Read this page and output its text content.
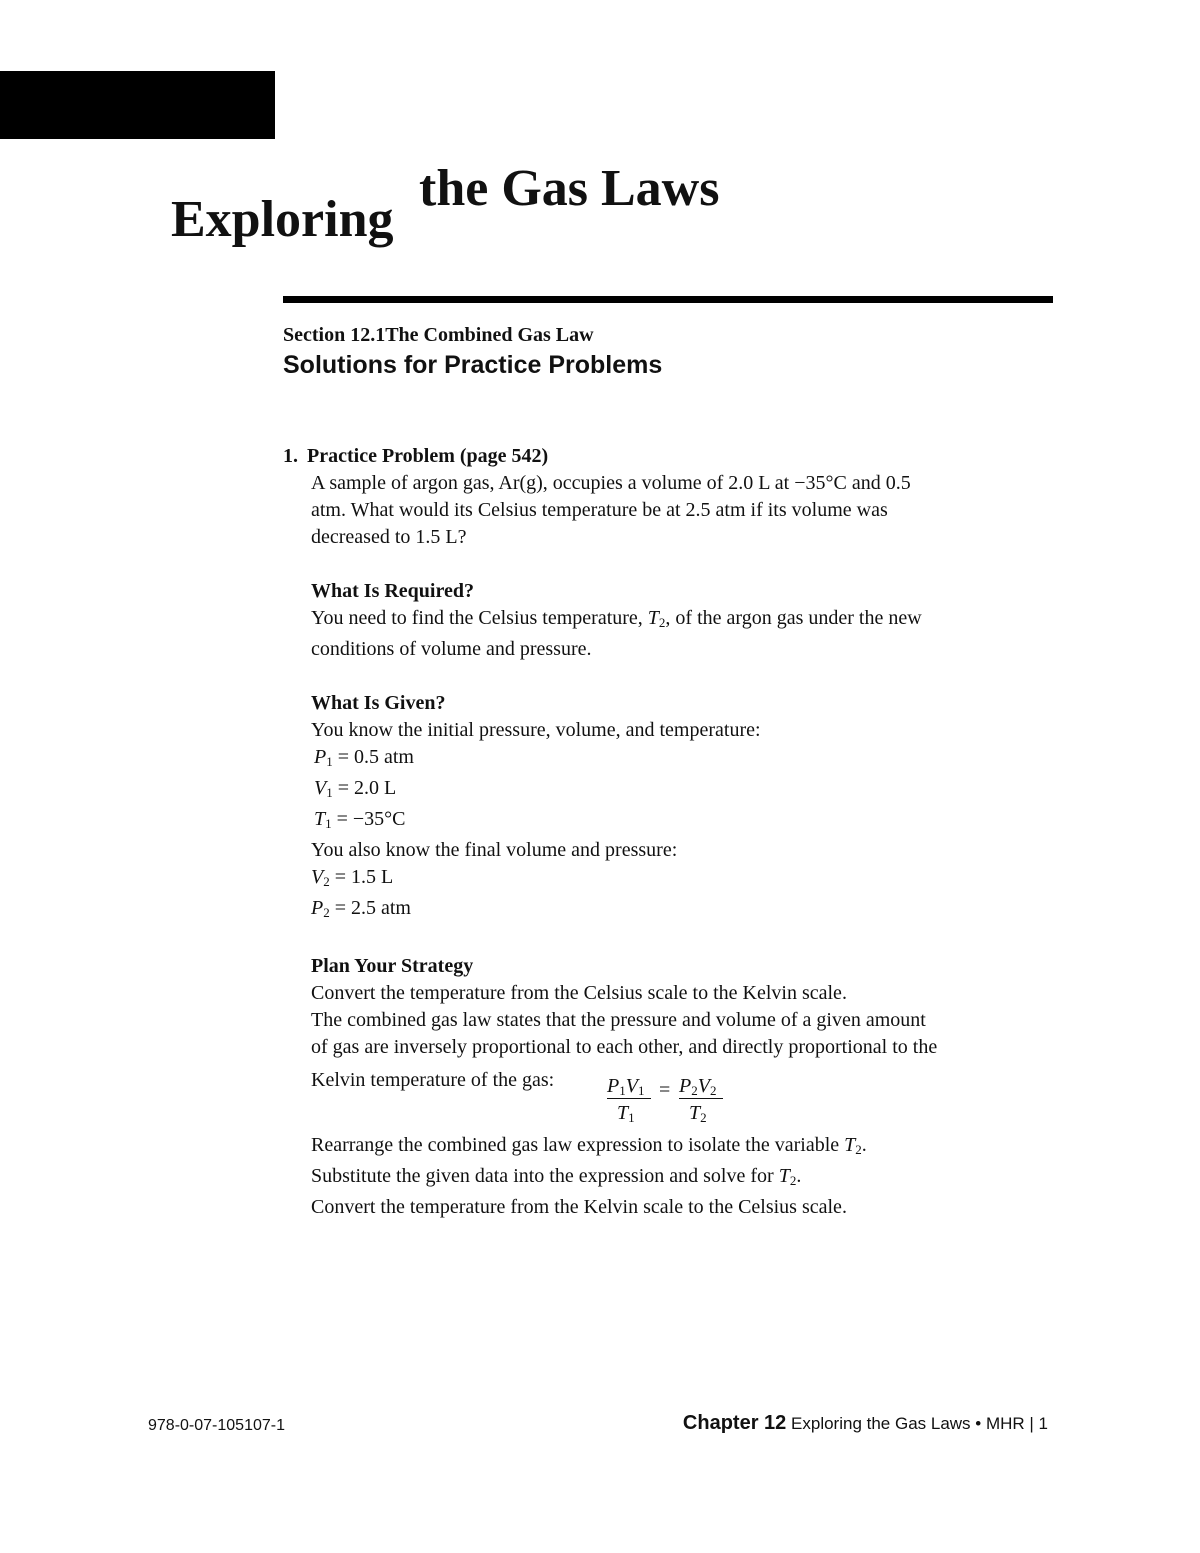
Exploring
the Gas Laws
Section 12.1The Combined Gas Law
Solutions for Practice Problems
1. Practice Problem (page 542)
A sample of argon gas, Ar(g), occupies a volume of 2.0 L at −35°C and 0.5
atm. What would its Celsius temperature be at 2.5 atm if its volume was
decreased to 1.5 L?
What Is Required?
You need to find the Celsius temperature, $T_2$, of the argon gas under the new
conditions of volume and pressure.
What Is Given?
You know the initial pressure, volume, and temperature:
$P_1 = 0.5$ atm
$V_1 = 2.0$ L
$T_1 = -35^\circ C$
You also know the final volume and pressure:
$V_2 = 1.5$ L
$P_2 = 2.5$ atm
Plan Your Strategy
Convert the temperature from the Celsius scale to the Kelvin scale.
The combined gas law states that the pressure and volume of a given amount
of gas are inversely proportional to each other, and directly proportional to the
Kelvin temperature of the gas:	$P_1V_1$
$T_1$
= $P_2V_2$
$T_2$
Rearrange the combined gas law expression to isolate the variable $T_2$.
Substitute the given data into the expression and solve for $T_2$.
Convert the temperature from the Kelvin scale to the Celsius scale.
978-0-07-105107-1	Chapter 12 Exploring the Gas Laws • MHR | 1
